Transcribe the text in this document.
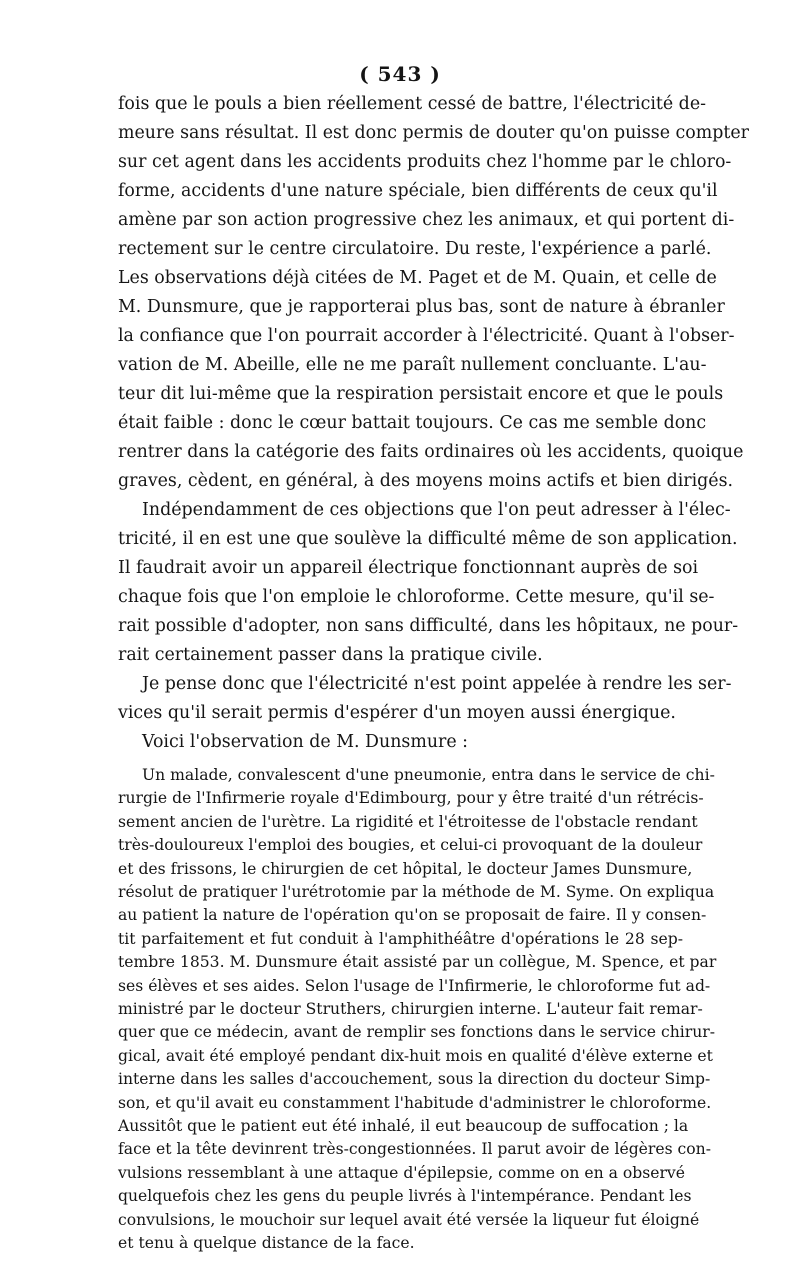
( 543 )
fois que le pouls a bien réellement cessé de battre, l'électricité de-
meure sans résultat. Il est donc permis de douter qu'on puisse compter
sur cet agent dans les accidents produits chez l'homme par le chloro-
forme, accidents d'une nature spéciale, bien différents de ceux qu'il
amène par son action progressive chez les animaux, et qui portent di-
rectement sur le centre circulatoire. Du reste, l'expérience a parlé.
Les observations déjà citées de M. Paget et de M. Quain, et celle de
M. Dunsmure, que je rapporterai plus bas, sont de nature à ébranler
la confiance que l'on pourrait accorder à l'électricité. Quant à l'obser-
vation de M. Abeille, elle ne me paraît nullement concluante. L'au-
teur dit lui-même que la respiration persistait encore et que le pouls
était faible : donc le cœur battait toujours. Ce cas me semble donc
rentrer dans la catégorie des faits ordinaires où les accidents, quoique
graves, cèdent, en général, à des moyens moins actifs et bien dirigés.
Indépendamment de ces objections que l'on peut adresser à l'élec-
tricité, il en est une que soulève la difficulté même de son application.
Il faudrait avoir un appareil électrique fonctionnant auprès de soi
chaque fois que l'on emploie le chloroforme. Cette mesure, qu'il se-
rait possible d'adopter, non sans difficulté, dans les hôpitaux, ne pour-
rait certainement passer dans la pratique civile.
Je pense donc que l'électricité n'est point appelée à rendre les ser-
vices qu'il serait permis d'espérer d'un moyen aussi énergique.
Voici l'observation de M. Dunsmure :
Un malade, convalescent d'une pneumonie, entra dans le service de chi-
rurgie de l'Infirmerie royale d'Edimbourg, pour y être traité d'un rétrécis-
sement ancien de l'urètre. La rigidité et l'étroitesse de l'obstacle rendant
très-douloureux l'emploi des bougies, et celui-ci provoquant de la douleur
et des frissons, le chirurgien de cet hôpital, le docteur James Dunsmure,
résolut de pratiquer l'urétrotomie par la méthode de M. Syme. On expliqua
au patient la nature de l'opération qu'on se proposait de faire. Il y consen-
tit parfaitement et fut conduit à l'amphithéâtre d'opérations le 28 sep-
tembre 1853. M. Dunsmure était assisté par un collègue, M. Spence, et par
ses élèves et ses aides. Selon l'usage de l'Infirmerie, le chloroforme fut ad-
ministré par le docteur Struthers, chirurgien interne. L'auteur fait remar-
quer que ce médecin, avant de remplir ses fonctions dans le service chirur-
gical, avait été employé pendant dix-huit mois en qualité d'élève externe et
interne dans les salles d'accouchement, sous la direction du docteur Simp-
son, et qu'il avait eu constamment l'habitude d'administrer le chloroforme.
Aussitôt que le patient eut été inhalé, il eut beaucoup de suffocation ; la
face et la tête devinrent très-congestionnées. Il parut avoir de légères con-
vulsions ressemblant à une attaque d'épilepsie, comme on en a observé
quelquefois chez les gens du peuple livrés à l'intempérance. Pendant les
convulsions, le mouchoir sur lequel avait été versée la liqueur fut éloigné
et tenu à quelque distance de la face.
